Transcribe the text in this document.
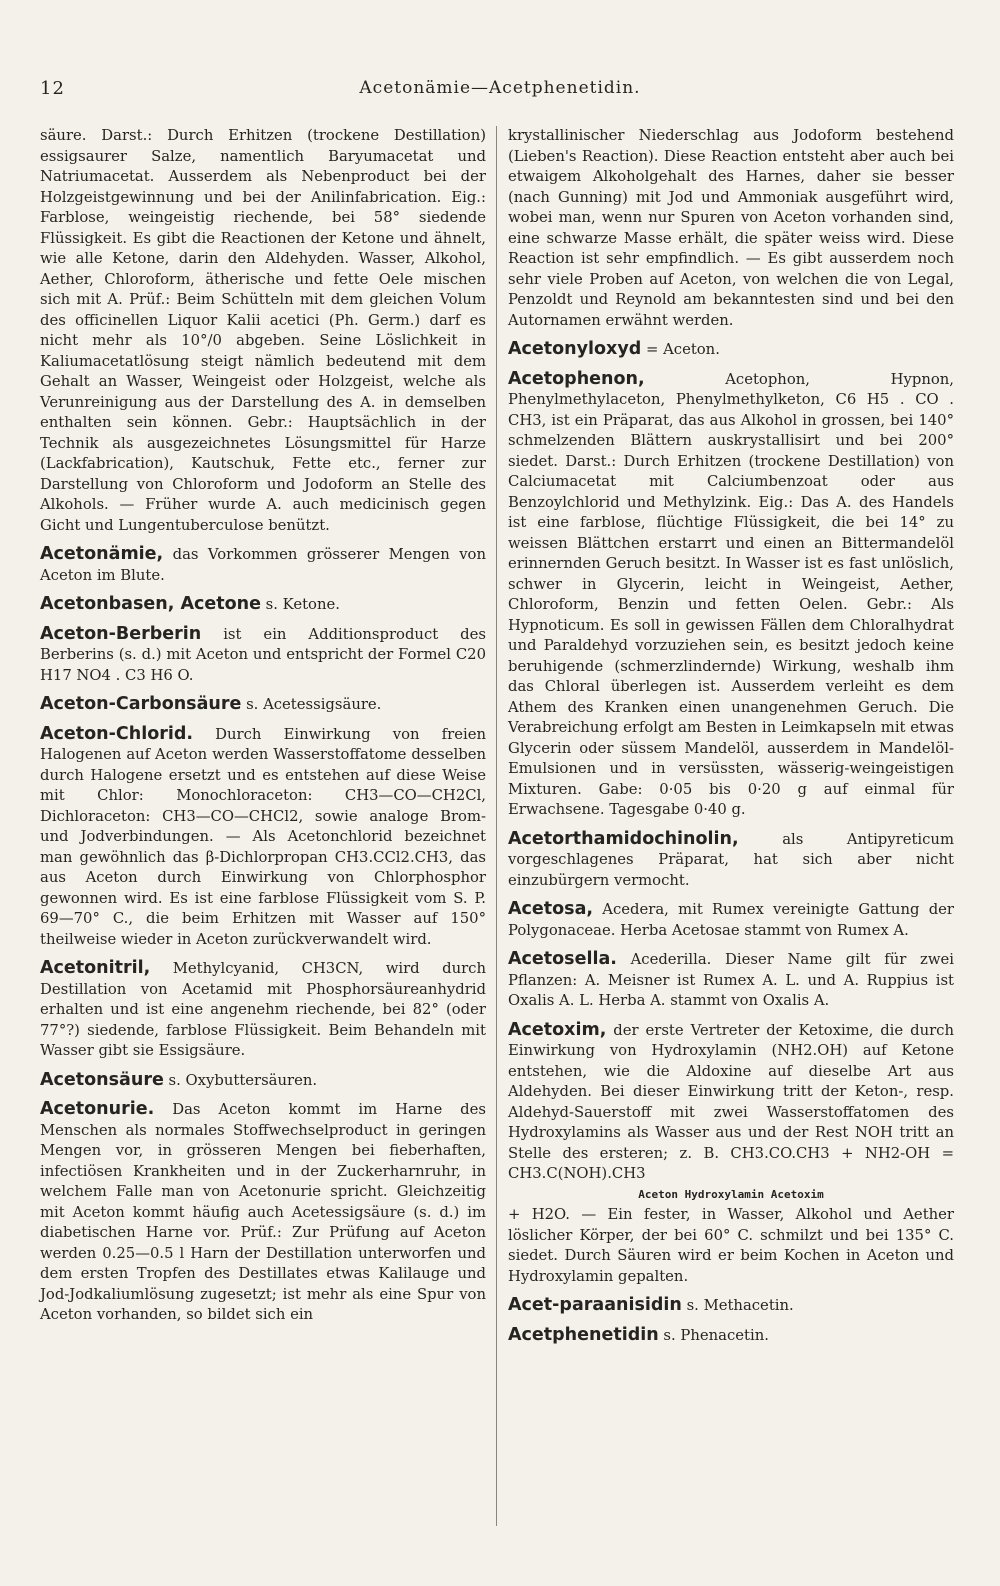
12	Acetonämie—Acetphenetidin.

säure. Darst.: Durch Erhitzen (trockene Destillation) essigsaurer Salze, namentlich Baryumacetat und Natriumacetat. Ausserdem als Nebenproduct bei der Holzgeistgewinnung und bei der Anilinfabrication. Eig.: Farblose, weingeistig riechende, bei 58° siedende Flüssigkeit. Es gibt die Reactionen der Ketone und ähnelt, wie alle Ketone, darin den Aldehyden. Wasser, Alkohol, Aether, Chloroform, ätherische und fette Oele mischen sich mit A. Prüf.: Beim Schütteln mit dem gleichen Volum des officinellen Liquor Kalii acetici (Ph. Germ.) darf es nicht mehr als 10°/0 abgeben. Seine Löslichkeit in Kaliumacetatlösung steigt nämlich bedeutend mit dem Gehalt an Wasser, Weingeist oder Holzgeist, welche als Verunreinigung aus der Darstellung des A. in demselben enthalten sein können. Gebr.: Hauptsächlich in der Technik als ausgezeichnetes Lösungsmittel für Harze (Lackfabrication), Kautschuk, Fette etc., ferner zur Darstellung von Chloroform und Jodoform an Stelle des Alkohols. — Früher wurde A. auch medicinisch gegen Gicht und Lungentuberculose benützt.

Acetonämie, das Vorkommen grösserer Mengen von Aceton im Blute.

Acetonbasen, Acetone s. Ketone.

Aceton-Berberin ist ein Additionsproduct des Berberins (s. d.) mit Aceton und entspricht der Formel C20 H17 NO4 . C3 H6 O.

Aceton-Carbonsäure s. Acetessigsäure.

Aceton-Chlorid. Durch Einwirkung von freien Halogenen auf Aceton werden Wasserstoffatome desselben durch Halogene ersetzt und es entstehen auf diese Weise mit Chlor: Monochloraceton: CH3—CO—CH2Cl, Dichloraceton: CH3—CO—CHCl2, sowie analoge Brom- und Jodverbindungen. — Als Acetonchlorid bezeichnet man gewöhnlich das β-Dichlorpropan CH3.CCl2.CH3, das aus Aceton durch Einwirkung von Chlorphosphor gewonnen wird. Es ist eine farblose Flüssigkeit vom S. P. 69—70° C., die beim Erhitzen mit Wasser auf 150° theilweise wieder in Aceton zurückverwandelt wird.

Acetonitril, Methylcyanid, CH3CN, wird durch Destillation von Acetamid mit Phosphorsäureanhydrid erhalten und ist eine angenehm riechende, bei 82° (oder 77°?) siedende, farblose Flüssigkeit. Beim Behandeln mit Wasser gibt sie Essigsäure.

Acetonsäure s. Oxybuttersäuren.

Acetonurie. Das Aceton kommt im Harne des Menschen als normales Stoffwechselproduct in geringen Mengen vor, in grösseren Mengen bei fieberhaften, infectiösen Krankheiten und in der Zuckerharnruhr, in welchem Falle man von Acetonurie spricht. Gleichzeitig mit Aceton kommt häufig auch Acetessigsäure (s. d.) im diabetischen Harne vor. Prüf.: Zur Prüfung auf Aceton werden 0.25—0.5 l Harn der Destillation unterworfen und dem ersten Tropfen des Destillates etwas Kalilauge und Jod-Jodkaliumlösung zugesetzt; ist mehr als eine Spur von Aceton vorhanden, so bildet sich ein

krystallinischer Niederschlag aus Jodoform bestehend (Lieben's Reaction). Diese Reaction entsteht aber auch bei etwaigem Alkoholgehalt des Harnes, daher sie besser (nach Gunning) mit Jod und Ammoniak ausgeführt wird, wobei man, wenn nur Spuren von Aceton vorhanden sind, eine schwarze Masse erhält, die später weiss wird. Diese Reaction ist sehr empfindlich. — Es gibt ausserdem noch sehr viele Proben auf Aceton, von welchen die von Legal, Penzoldt und Reynold am bekanntesten sind und bei den Autornamen erwähnt werden.

Acetonyloxyd = Aceton.

Acetophenon, Acetophon, Hypnon, Phenylmethylaceton, Phenylmethylketon, C6 H5 . CO . CH3, ist ein Präparat, das aus Alkohol in grossen, bei 140° schmelzenden Blättern auskrystallisirt und bei 200° siedet. Darst.: Durch Erhitzen (trockene Destillation) von Calciumacetat mit Calciumbenzoat oder aus Benzoylchlorid und Methylzink. Eig.: Das A. des Handels ist eine farblose, flüchtige Flüssigkeit, die bei 14° zu weissen Blättchen erstarrt und einen an Bittermandelöl erinnernden Geruch besitzt. In Wasser ist es fast unlöslich, schwer in Glycerin, leicht in Weingeist, Aether, Chloroform, Benzin und fetten Oelen. Gebr.: Als Hypnoticum. Es soll in gewissen Fällen dem Chloralhydrat und Paraldehyd vorzuziehen sein, es besitzt jedoch keine beruhigende (schmerzlindernde) Wirkung, weshalb ihm das Chloral überlegen ist. Ausserdem verleiht es dem Athem des Kranken einen unangenehmen Geruch. Die Verabreichung erfolgt am Besten in Leimkapseln mit etwas Glycerin oder süssem Mandelöl, ausserdem in Mandelöl-Emulsionen und in versüssten, wässerig-weingeistigen Mixturen. Gabe: 0·05 bis 0·20 g auf einmal für Erwachsene. Tagesgabe 0·40 g.

Acetorthamidochinolin, als Antipyreticum vorgeschlagenes Präparat, hat sich aber nicht einzubürgern vermocht.

Acetosa, Acedera, mit Rumex vereinigte Gattung der Polygonaceae. Herba Acetosae stammt von Rumex A.

Acetosella. Acederilla. Dieser Name gilt für zwei Pflanzen: A. Meisner ist Rumex A. L. und A. Ruppius ist Oxalis A. L. Herba A. stammt von Oxalis A.

Acetoxim, der erste Vertreter der Ketoxime, die durch Einwirkung von Hydroxylamin (NH2.OH) auf Ketone entstehen, wie die Aldoxine auf dieselbe Art aus Aldehyden. Bei dieser Einwirkung tritt der Keton-, resp. Aldehyd-Sauerstoff mit zwei Wasserstoffatomen des Hydroxylamins als Wasser aus und der Rest NOH tritt an Stelle des ersteren; z. B. CH3.CO.CH3 + NH2-OH = CH3.C(NOH).CH3

Aceton Hydroxylamin Acetoxim

+ H2O. — Ein fester, in Wasser, Alkohol und Aether löslicher Körper, der bei 60° C. schmilzt und bei 135° C. siedet. Durch Säuren wird er beim Kochen in Aceton und Hydroxylamin gepalten.

Acet-paraanisidin s. Methacetin.

Acetphenetidin s. Phenacetin.
